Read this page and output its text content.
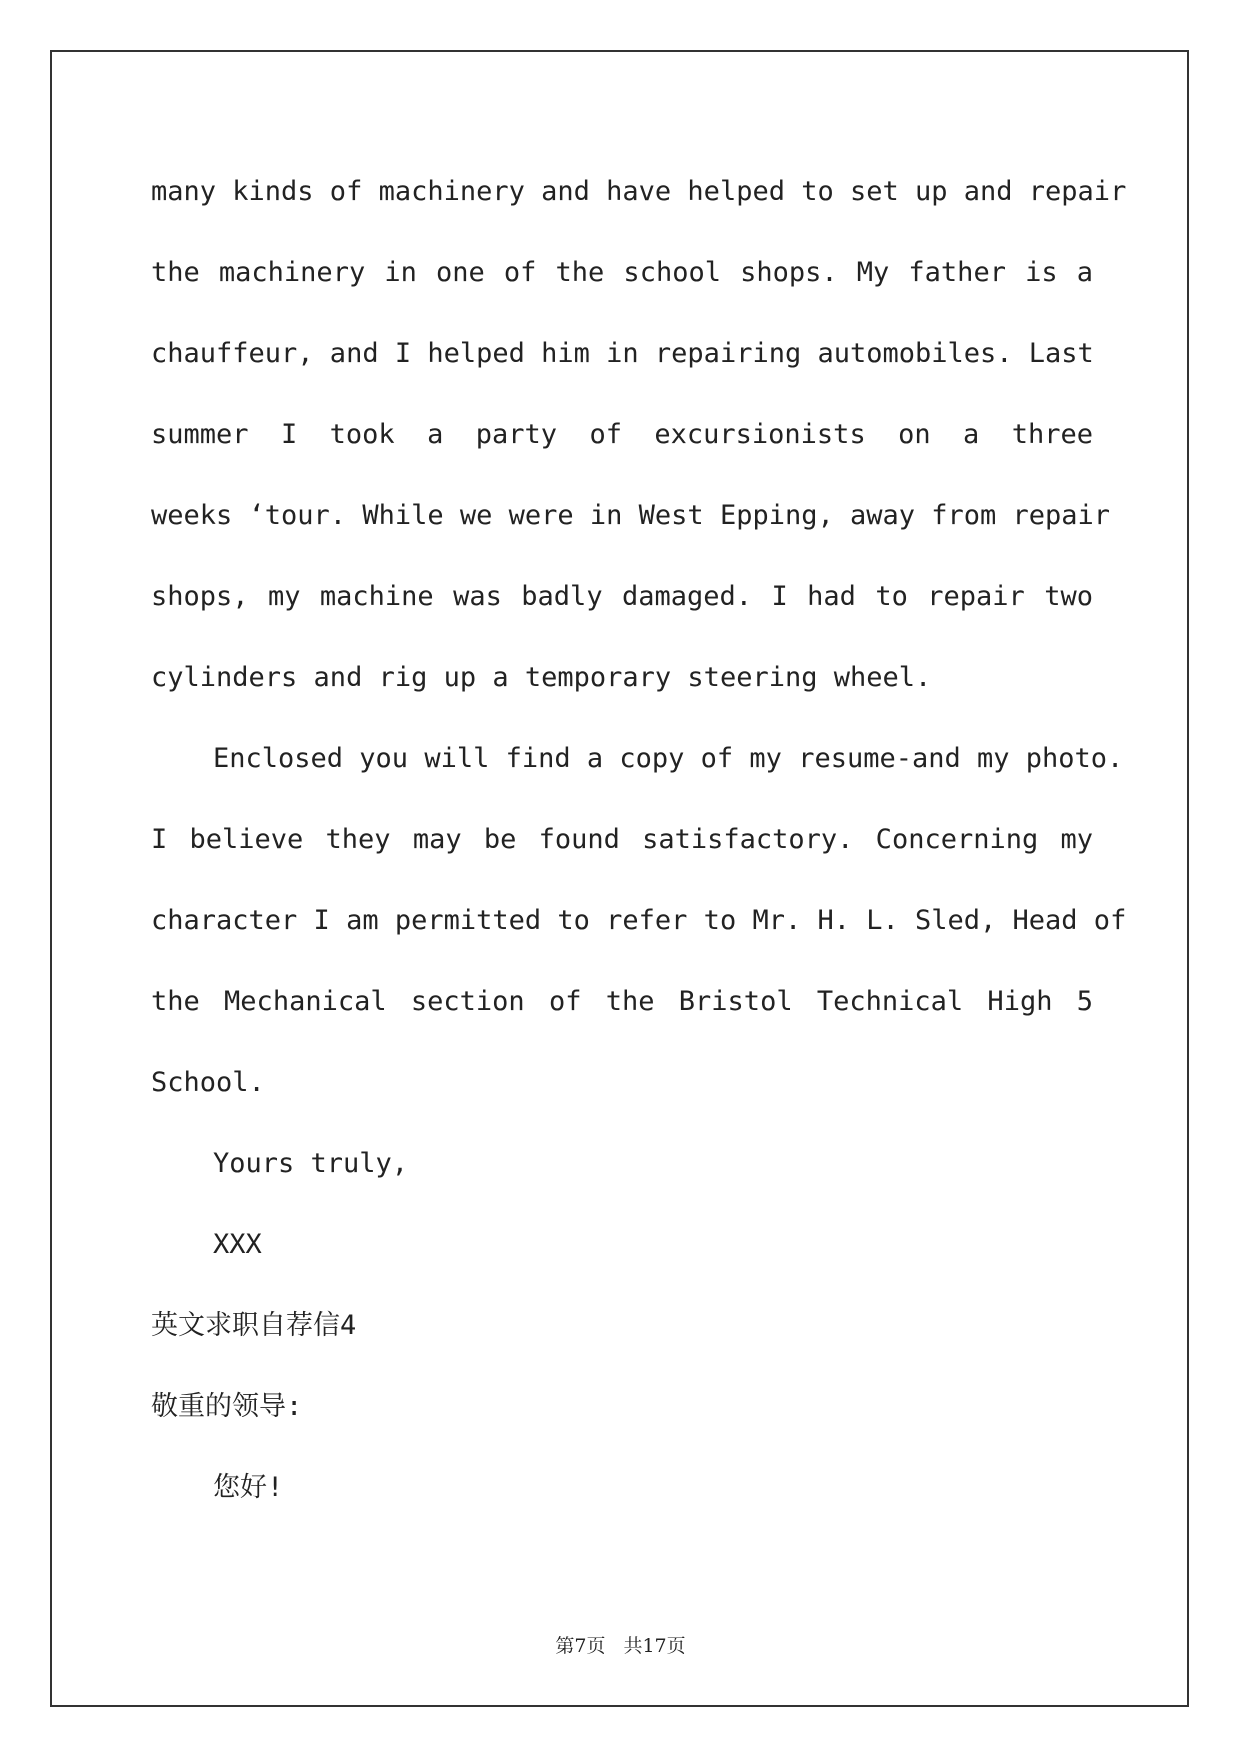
many kinds of machinery and have helped to set up and repair
the machinery in one of the school shops. My father is a
chauffeur, and I helped him in repairing automobiles. Last
summer I took a party of excursionists on a three
weeks ‘tour. While we were in West Epping, away from repair
shops, my machine was badly damaged. I had to repair two
cylinders and rig up a temporary steering wheel.
Enclosed you will find a copy of my resume-and my photo.
I believe they may be found satisfactory. Concerning my
character I am permitted to refer to Mr. H. L. Sled, Head of
the Mechanical section of the Bristol Technical High 5
School.
Yours truly,
XXX
英文求职自荐信4
敬重的领导:
您好!
第7页 共17页
